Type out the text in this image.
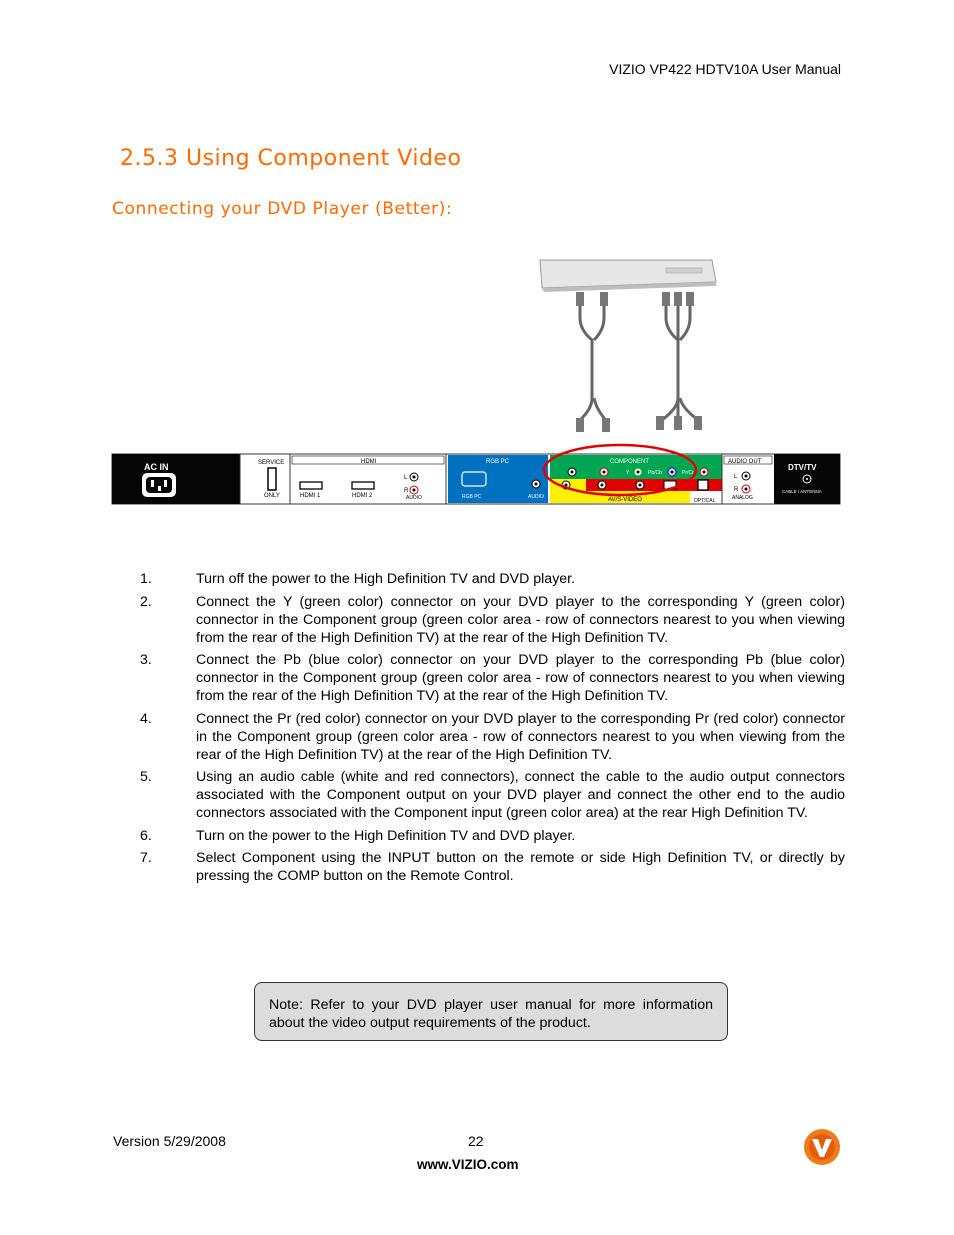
VIZIO VP422 HDTV10A User Manual
2.5.3 Using Component Video
Connecting your DVD Player (Better):
AC IN	SERVICE
ONLY
HDMI
HDMI 1	HDMI 2
L
R
AUDIO
RGB PC
RGB PC	AUDIO
COMPONENT
Y	Pb/Cb	Pr/Cr
AV/S-VIDEO
AUDIO OUT
OPTICAL
L
R
ANALOG
DTV/TV
CABLE / ANTENNA
1.	Turn off the power to the High Definition TV and DVD player.
2.	Connect the Y (green color) connector on your DVD player to the corresponding Y (green color) connector in the Component group (green color area - row of connectors nearest to you when viewing from the rear of the High Definition TV) at the rear of the High Definition TV.
3.	Connect the Pb (blue color) connector on your DVD player to the corresponding Pb (blue color) connector in the Component group (green color area - row of connectors nearest to you when viewing from the rear of the High Definition TV) at the rear of the High Definition TV.
4.	Connect the Pr (red color) connector on your DVD player to the corresponding Pr (red color) connector in the Component group (green color area - row of connectors nearest to you when viewing from the rear of the High Definition TV) at the rear of the High Definition TV.
5.	Using an audio cable (white and red connectors), connect the cable to the audio output connectors associated with the Component output on your DVD player and connect the other end to the audio connectors associated with the Component input (green color area) at the rear High Definition TV.
6.	Turn on the power to the High Definition TV and DVD player.
7.	Select Component using the INPUT button on the remote or side High Definition TV, or directly by pressing the COMP button on the Remote Control.
Note: Refer to your DVD player user manual for more information about the video output requirements of the product.
Version 5/29/2008	22
www.VIZIO.com
